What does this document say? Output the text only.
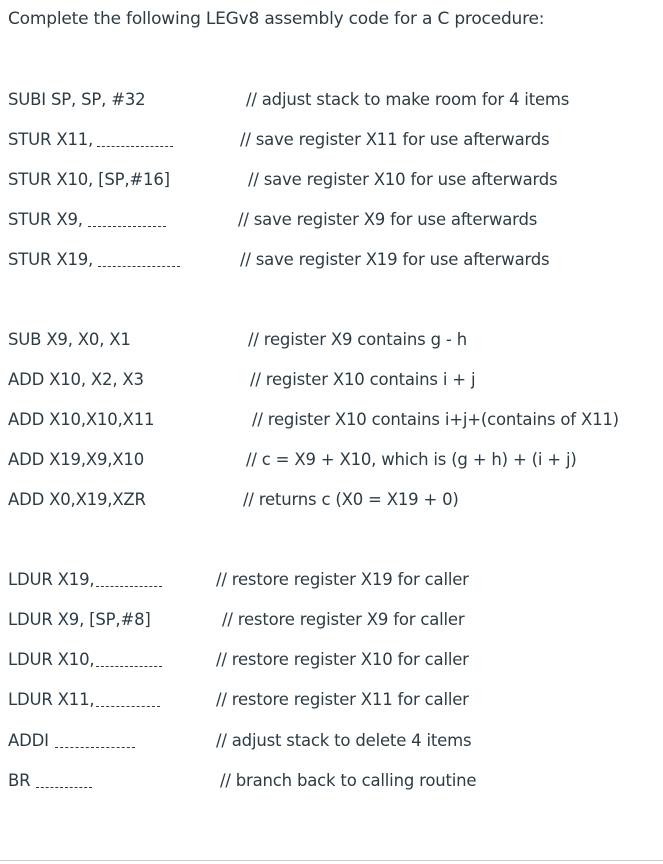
Complete the following LEGv8 assembly code for a C procedure:
SUBI SP, SP, #32	// adjust stack to make room for 4 items
STUR X11,	// save register X11 for use afterwards
STUR X10, [SP,#16]	// save register X10 for use afterwards
STUR X9,	// save register X9 for use afterwards
STUR X19,	// save register X19 for use afterwards
SUB X9, X0, X1	// register X9 contains g - h
ADD X10, X2, X3	// register X10 contains i + j
ADD X10,X10,X11	// register X10 contains i+j+(contains of X11)
ADD X19,X9,X10	// c = X9 + X10, which is (g + h) + (i + j)
ADD X0,X19,XZR	// returns c (X0 = X19 + 0)
LDUR X19,	// restore register X19 for caller
LDUR X9, [SP,#8]	// restore register X9 for caller
LDUR X10,	// restore register X10 for caller
LDUR X11,	// restore register X11 for caller
ADDI	// adjust stack to delete 4 items
BR	// branch back to calling routine
